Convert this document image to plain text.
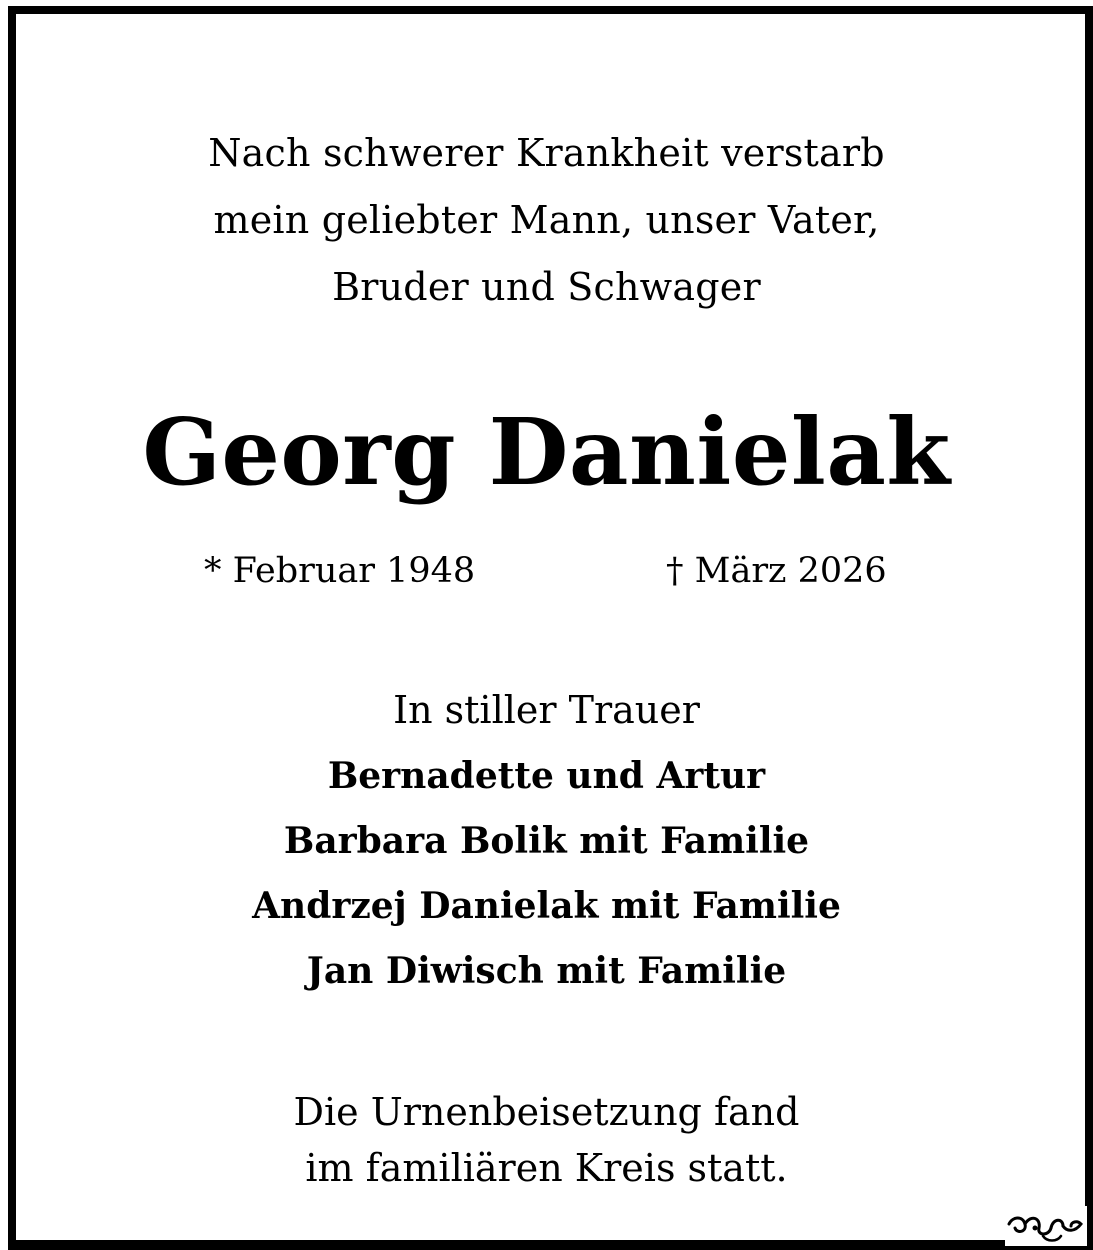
Nach schwerer Krankheit verstarb
mein geliebter Mann, unser Vater,
Bruder und Schwager
Georg Danielak
* Februar 1948	† März 2026
In stiller Trauer
Bernadette und Artur
Barbara Bolik mit Familie
Andrzej Danielak mit Familie
Jan Diwisch mit Familie
Die Urnenbeisetzung fand
im familiären Kreis statt.
